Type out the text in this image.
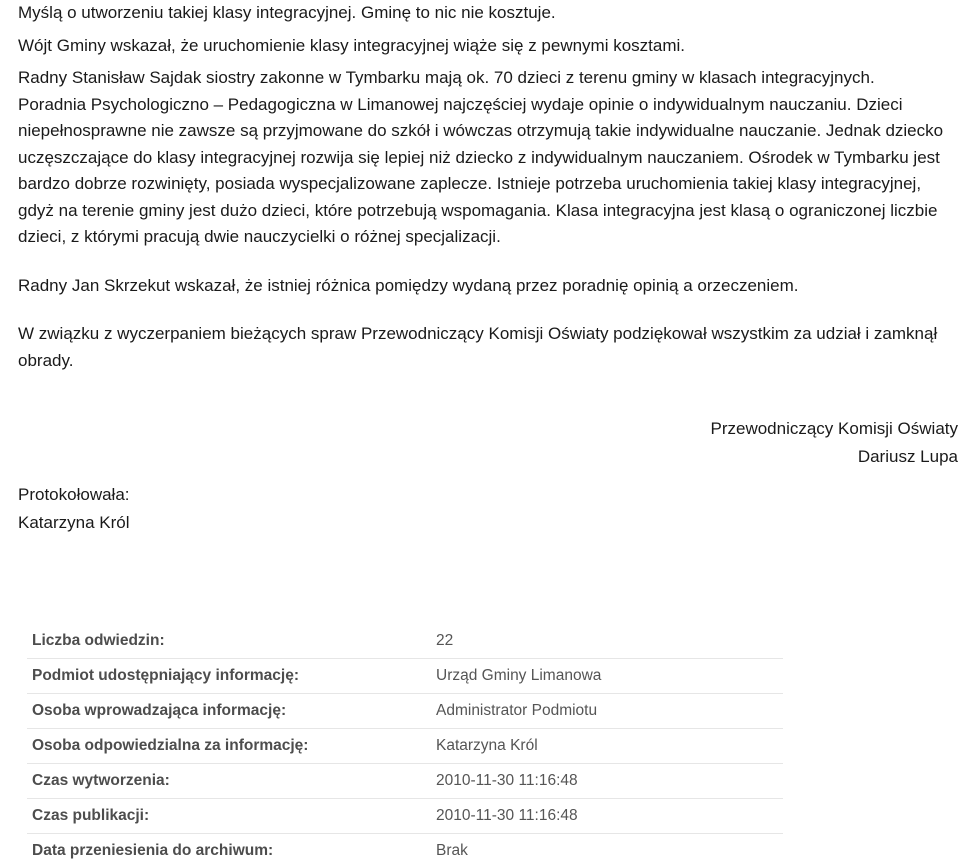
Myślą o utworzeniu takiej klasy integracyjnej. Gminę to nic nie kosztuje.

Wójt Gminy wskazał, że uruchomienie klasy integracyjnej wiąże się z pewnymi kosztami.

Radny Stanisław Sajdak siostry zakonne w Tymbarku mają ok. 70 dzieci z terenu gminy w klasach integracyjnych. Poradnia Psychologiczno – Pedagogiczna w Limanowej najczęściej wydaje opinie o indywidualnym nauczaniu. Dzieci niepełnosprawne nie zawsze są przyjmowane do szkół i wówczas otrzymują takie indywidualne nauczanie. Jednak dziecko uczęszczające do klasy integracyjnej rozwija się lepiej niż dziecko z indywidualnym nauczaniem. Ośrodek w Tymbarku jest bardzo dobrze rozwinięty, posiada wyspecjalizowane zaplecze. Istnieje potrzeba uruchomienia takiej klasy integracyjnej, gdyż na terenie gminy jest dużo dzieci, które potrzebują wspomagania. Klasa integracyjna jest klasą o ograniczonej liczbie dzieci, z którymi pracują dwie nauczycielki o różnej specjalizacji.

Radny Jan Skrzekut wskazał, że istniej różnica pomiędzy wydaną przez poradnię opinią a orzeczeniem.

W związku z wyczerpaniem bieżących spraw Przewodniczący Komisji Oświaty podziękował wszystkim za udział i zamknął obrady.

Przewodniczący Komisji Oświaty
Dariusz Lupa
Protokołowała:
Katarzyna Król
Liczba odwiedzin:	22
Podmiot udostępniający informację:	Urząd Gminy Limanowa
Osoba wprowadzająca informację:	Administrator Podmiotu
Osoba odpowiedzialna za informację:	Katarzyna Król
Czas wytworzenia:	2010-11-30 11:16:48
Czas publikacji:	2010-11-30 11:16:48
Data przeniesienia do archiwum:	Brak
